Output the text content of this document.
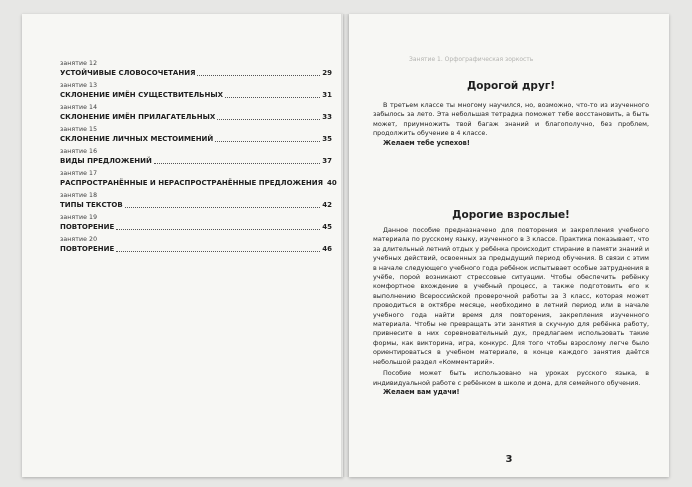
занятие 12
УСТОЙЧИВЫЕ СЛОВОСОЧЕТАНИЯ	29
занятие 13
СКЛОНЕНИЕ ИМЁН СУЩЕСТВИТЕЛЬНЫХ	31
занятие 14
СКЛОНЕНИЕ ИМЁН ПРИЛАГАТЕЛЬНЫХ	33
занятие 15
СКЛОНЕНИЕ ЛИЧНЫХ МЕСТОИМЕНИЙ	35
занятие 16
ВИДЫ ПРЕДЛОЖЕНИЙ	37
занятие 17
РАСПРОСТРАНЁННЫЕ И НЕРАСПРОСТРАНЁННЫЕ ПРЕДЛОЖЕНИЯ 40
занятие 18
ТИПЫ ТЕКСТОВ	42
занятие 19
ПОВТОРЕНИЕ	45
занятие 20
ПОВТОРЕНИЕ	46
Занятие 1. Орфографическая зоркость
Дорогой друг!

В третьем классе ты многому научился, но, возможно, что-то из изученного забылось за лето. Эта небольшая тетрадка поможет тебе восстановить, а быть может, приумножить твой багаж знаний и благополучно, без проблем, продолжить обучение в 4 классе.

Желаем тебе успехов!

Дорогие взрослые!

Данное пособие предназначено для повторения и закрепления учебного материала по русскому языку, изученного в 3 классе. Практика показывает, что за длительный летний отдых у ребёнка происходит стирание в памяти знаний и учебных действий, освоенных за предыдущий период обучения. В связи с этим в начале следующего учебного года ребёнок испытывает особые затруднения в учёбе, порой возникают стрессовые ситуации. Чтобы обеспечить ребёнку комфортное вхождение в учебный процесс, а также подготовить его к выполнению Всероссийской проверочной работы за 3 класс, которая может проводиться в октябре месяце, необходимо в летний период или в начале учебного года найти время для повторения, закрепления изученного материала. Чтобы не превращать эти занятия в скучную для ребёнка работу, привнесите в них соревновательный дух, предлагаем использовать такие формы, как викторина, игра, конкурс. Для того чтобы взрослому легче было ориентироваться в учебном материале, в конце каждого занятия даётся небольшой раздел «Комментарий».

Пособие может быть использовано на уроках русского языка, в индивидуальной работе с ребёнком в школе и дома, для семейного обучения.

Желаем вам удачи!

3
